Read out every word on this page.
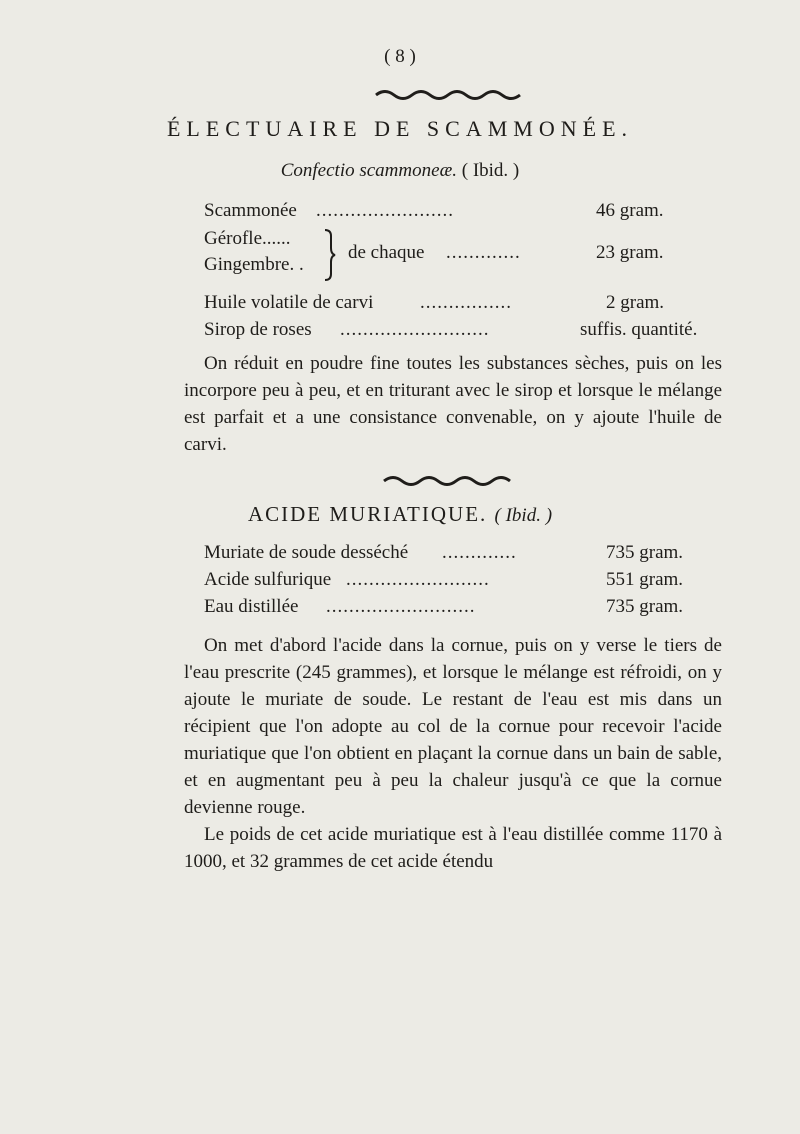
( 8 )
ÉLECTUAIRE DE SCAMMONÉE.
Confectio scammoneæ. ( Ibid. )
Scammonée ........................	46 gram.
Gérofle......
Gingembre. .
de chaque .............	23 gram.
Huile volatile de carvi ................	2 gram.
Sirop de roses ..........................	suffis. quantité.

On réduit en poudre fine toutes les substances sèches, puis on les incorpore peu à peu, et en triturant avec le sirop et lorsque le mélange est parfait et a une consistance convenable, on y ajoute l'huile de carvi.

ACIDE MURIATIQUE. ( Ibid. )
Muriate de soude desséché .............	735 gram.
Acide sulfurique .........................	551 gram.
Eau distillée ..........................	735 gram.

On met d'abord l'acide dans la cornue, puis on y verse le tiers de l'eau prescrite (245 grammes), et lorsque le mélange est réfroidi, on y ajoute le muriate de soude. Le restant de l'eau est mis dans un récipient que l'on adopte au col de la cornue pour recevoir l'acide muriatique que l'on obtient en plaçant la cornue dans un bain de sable, et en augmentant peu à peu la chaleur jusqu'à ce que la cornue devienne rouge.

Le poids de cet acide muriatique est à l'eau distillée comme 1170 à 1000, et 32 grammes de cet acide étendu
